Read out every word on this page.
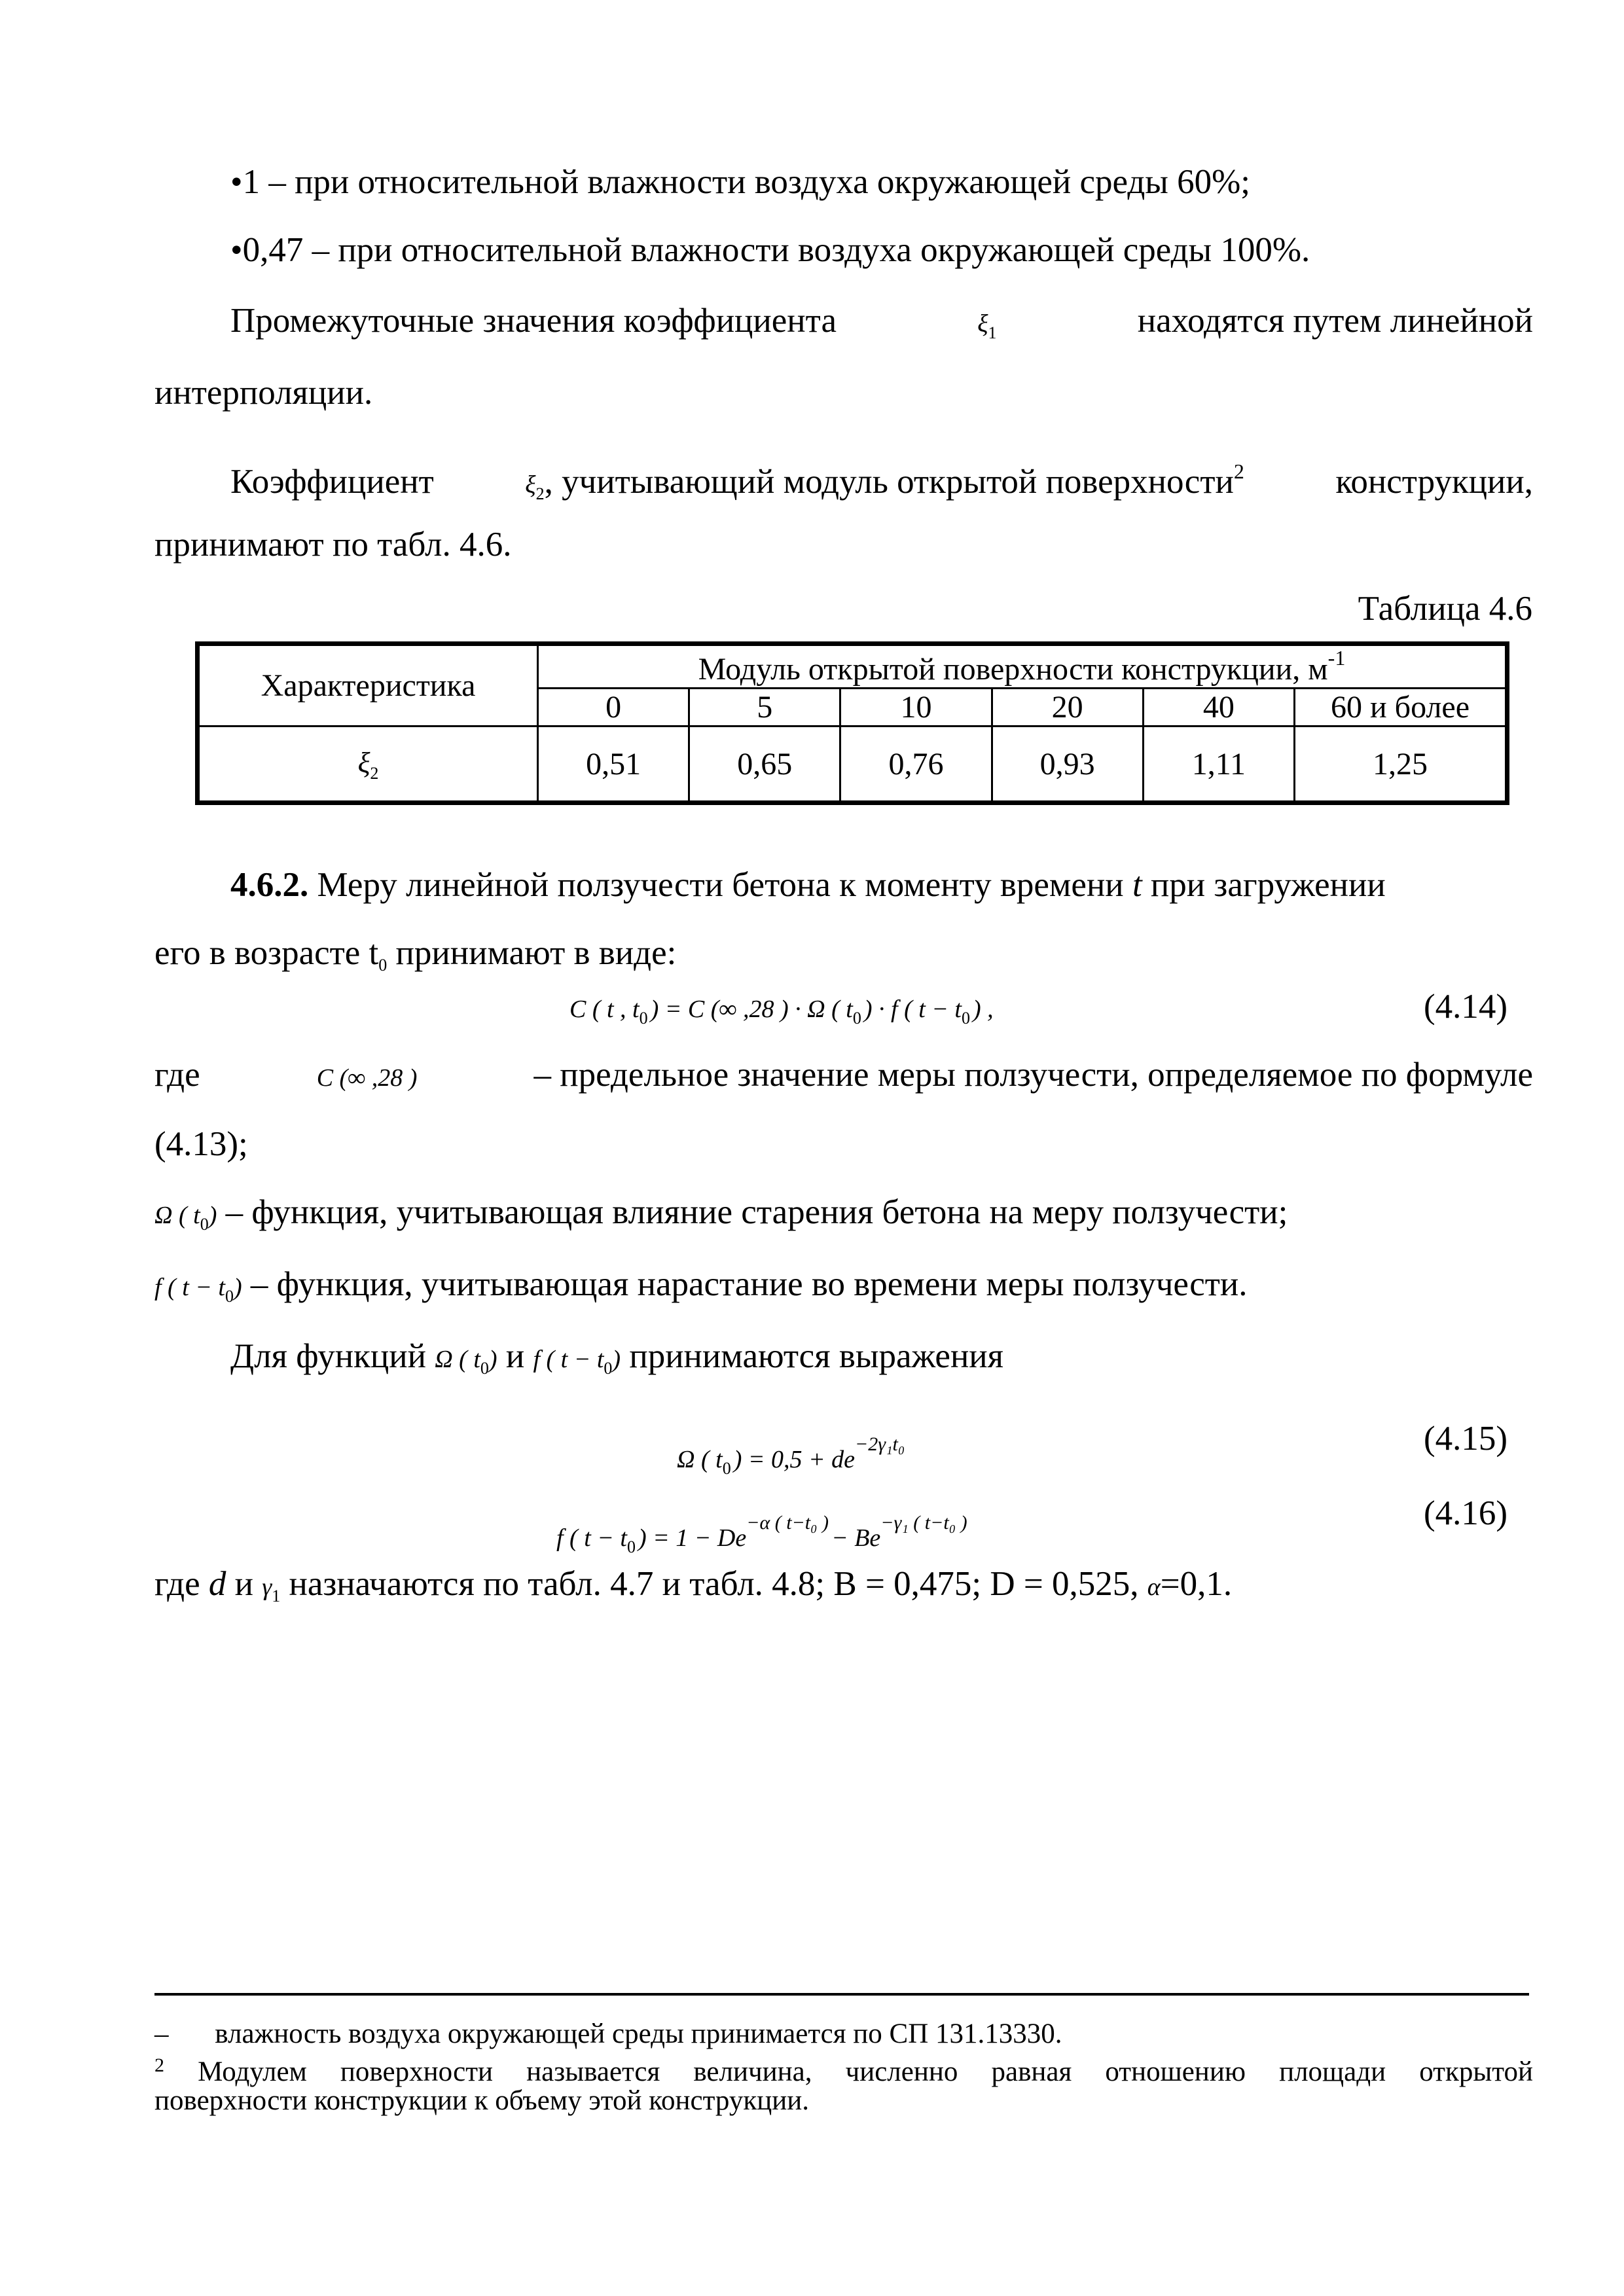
•1 – при относительной влажности воздуха окружающей среды 60%;
•0,47 – при относительной влажности воздуха окружающей среды 100%.
Промежуточные значения коэффициента	$\xi_1$	находятся путем линейной
интерполяции.
Коэффициент	$\xi_2$, учитывающий модуль открытой поверхности$^2$	конструкции,
принимают по табл. 4.6.
Таблица 4.6
Характеристика	Модуль открытой поверхности конструкции, $м^{-1}$
	0	5	10	20	40	60 и более
$\xi_2$	0,51	0,65	0,76	0,93	1,11	1,25
4.6.2. Меру линейной ползучести бетона к моменту времени t при загружении
его в возрасте $t_0$ принимают в виде:
C ( t , t0 ) = C (∞ ,28 ) · Ω ( t0 ) · f ( t − t0 ) ,	(4.14)
где	C (∞ ,28 )	– предельное значение меры ползучести, определяемое по формуле
(4.13);
Ω ( $t_0$) – функция, учитывающая влияние старения бетона на меру ползучести;
f ( $t - t_0$) – функция, учитывающая нарастание во времени меры ползучести.
Для функций Ω ( $t_0$) и f ( $t - t_0$) принимаются выражения
Ω ( t0 ) = 0,5 + de−2γ₁t₀	(4.15)
f ( t − t0 ) = 1 − De−α ( t−t₀ ) − Be−γ₁ ( t−t₀ )	(4.16)
где d и $\gamma_1$ назначаются по табл. 4.7 и табл. 4.8; B = 0,475; D = 0,525, α=0,1.
– влажность воздуха окружающей среды принимается по СП 131.13330.
$^2$ Модулем поверхности называется величина, численно равная отношению площади открытой
поверхности конструкции к объему этой конструкции.
